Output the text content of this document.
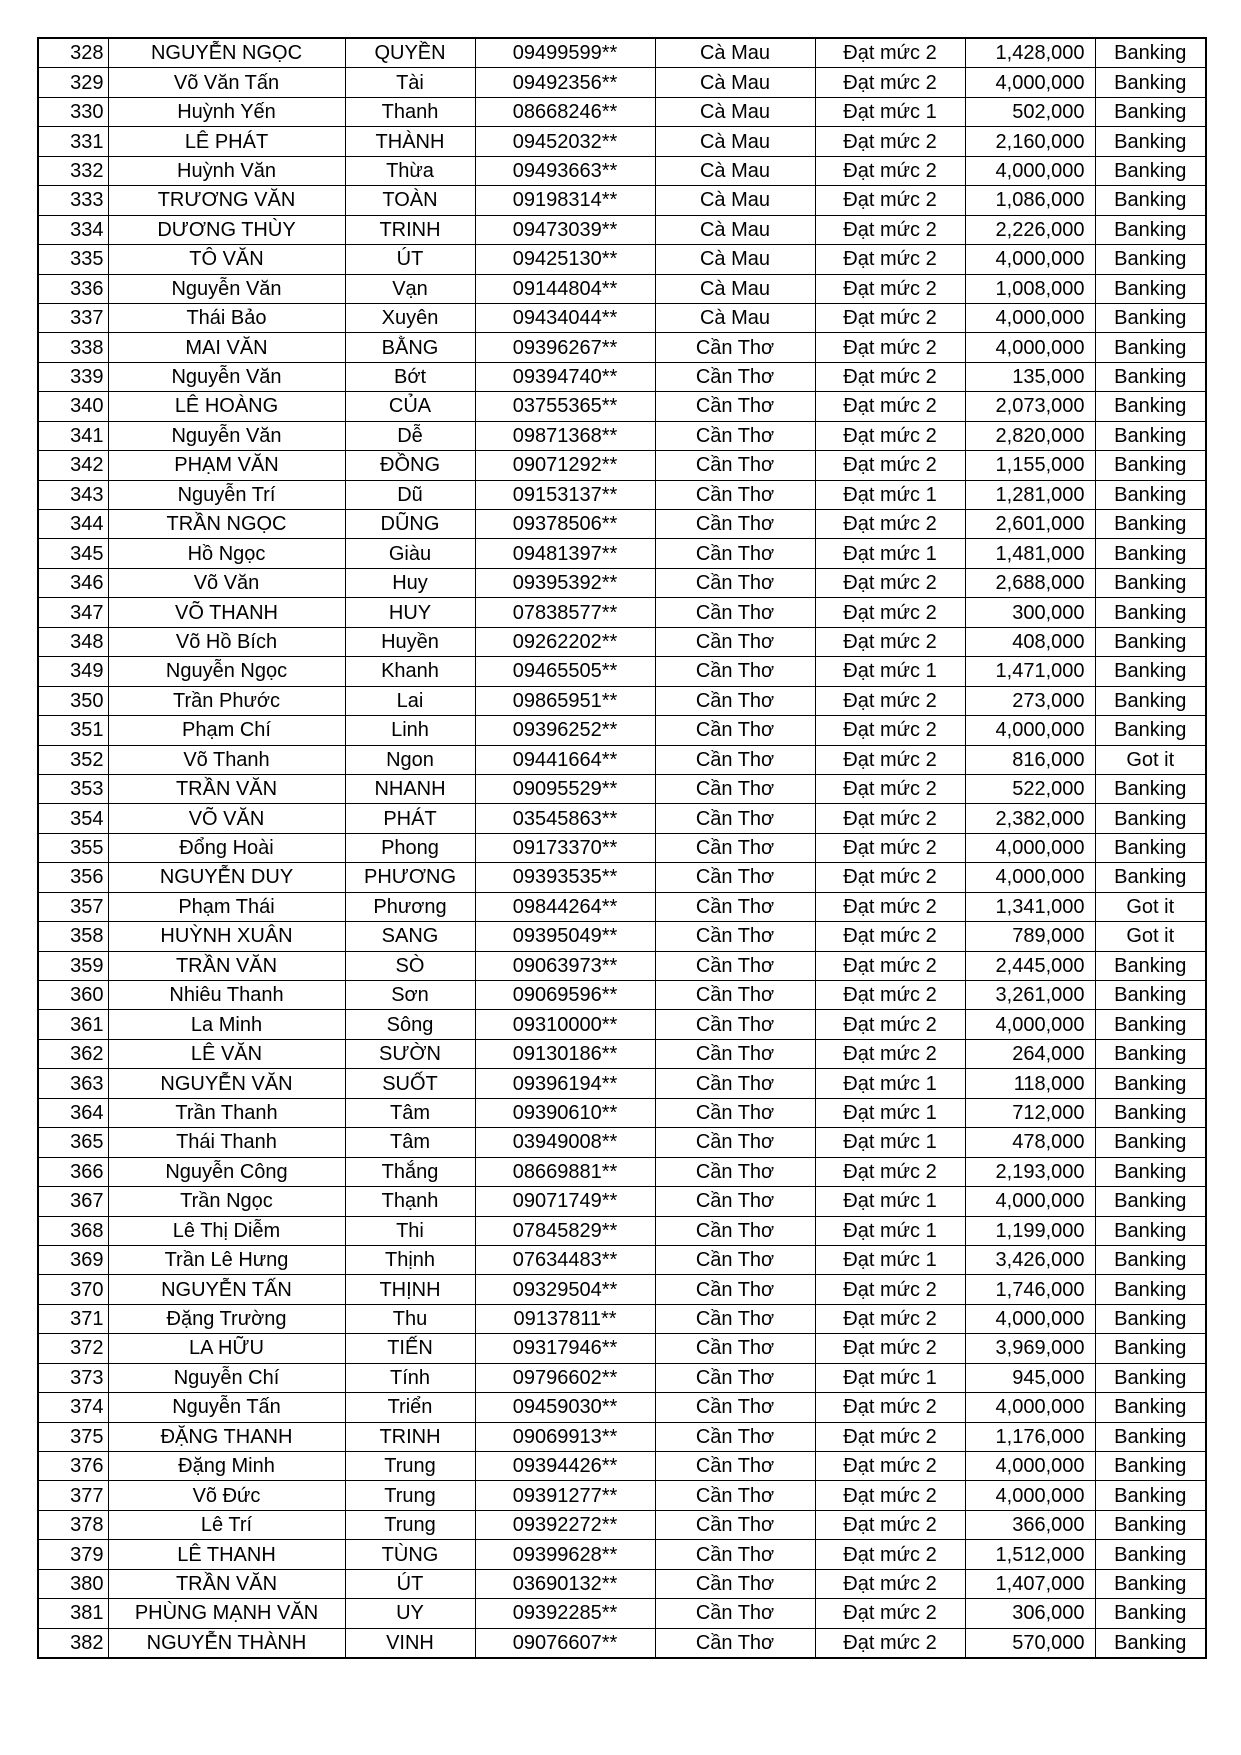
328	NGUYỄN NGỌC	QUYỀN	09499599**	Cà Mau	Đạt mức 2	1,428,000	Banking
329	Võ Văn Tấn	Tài	09492356**	Cà Mau	Đạt mức 2	4,000,000	Banking
330	Huỳnh Yến	Thanh	08668246**	Cà Mau	Đạt mức 1	502,000	Banking
331	LÊ PHÁT	THÀNH	09452032**	Cà Mau	Đạt mức 2	2,160,000	Banking
332	Huỳnh Văn	Thừa	09493663**	Cà Mau	Đạt mức 2	4,000,000	Banking
333	TRƯƠNG VĂN	TOÀN	09198314**	Cà Mau	Đạt mức 2	1,086,000	Banking
334	DƯƠNG THÙY	TRINH	09473039**	Cà Mau	Đạt mức 2	2,226,000	Banking
335	TÔ VĂN	ÚT	09425130**	Cà Mau	Đạt mức 2	4,000,000	Banking
336	Nguyễn Văn	Vạn	09144804**	Cà Mau	Đạt mức 2	1,008,000	Banking
337	Thái Bảo	Xuyên	09434044**	Cà Mau	Đạt mức 2	4,000,000	Banking
338	MAI VĂN	BẰNG	09396267**	Cần Thơ	Đạt mức 2	4,000,000	Banking
339	Nguyễn Văn	Bớt	09394740**	Cần Thơ	Đạt mức 2	135,000	Banking
340	LÊ HOÀNG	CỦA	03755365**	Cần Thơ	Đạt mức 2	2,073,000	Banking
341	Nguyễn Văn	Dễ	09871368**	Cần Thơ	Đạt mức 2	2,820,000	Banking
342	PHẠM VĂN	ĐỒNG	09071292**	Cần Thơ	Đạt mức 2	1,155,000	Banking
343	Nguyễn Trí	Dũ	09153137**	Cần Thơ	Đạt mức 1	1,281,000	Banking
344	TRẦN NGỌC	DŨNG	09378506**	Cần Thơ	Đạt mức 2	2,601,000	Banking
345	Hồ Ngọc	Giàu	09481397**	Cần Thơ	Đạt mức 1	1,481,000	Banking
346	Võ Văn	Huy	09395392**	Cần Thơ	Đạt mức 2	2,688,000	Banking
347	VÕ THANH	HUY	07838577**	Cần Thơ	Đạt mức 2	300,000	Banking
348	Võ Hồ Bích	Huyền	09262202**	Cần Thơ	Đạt mức 2	408,000	Banking
349	Nguyễn Ngọc	Khanh	09465505**	Cần Thơ	Đạt mức 1	1,471,000	Banking
350	Trần Phước	Lai	09865951**	Cần Thơ	Đạt mức 2	273,000	Banking
351	Phạm Chí	Linh	09396252**	Cần Thơ	Đạt mức 2	4,000,000	Banking
352	Võ Thanh	Ngon	09441664**	Cần Thơ	Đạt mức 2	816,000	Got it
353	TRẦN VĂN	NHANH	09095529**	Cần Thơ	Đạt mức 2	522,000	Banking
354	VÕ VĂN	PHÁT	03545863**	Cần Thơ	Đạt mức 2	2,382,000	Banking
355	Đổng Hoài	Phong	09173370**	Cần Thơ	Đạt mức 2	4,000,000	Banking
356	NGUYỄN DUY	PHƯƠNG	09393535**	Cần Thơ	Đạt mức 2	4,000,000	Banking
357	Phạm Thái	Phương	09844264**	Cần Thơ	Đạt mức 2	1,341,000	Got it
358	HUỲNH XUÂN	SANG	09395049**	Cần Thơ	Đạt mức 2	789,000	Got it
359	TRẦN VĂN	SÒ	09063973**	Cần Thơ	Đạt mức 2	2,445,000	Banking
360	Nhiêu Thanh	Sơn	09069596**	Cần Thơ	Đạt mức 2	3,261,000	Banking
361	La Minh	Sông	09310000**	Cần Thơ	Đạt mức 2	4,000,000	Banking
362	LÊ VĂN	SƯỜN	09130186**	Cần Thơ	Đạt mức 2	264,000	Banking
363	NGUYỄN VĂN	SUỐT	09396194**	Cần Thơ	Đạt mức 1	118,000	Banking
364	Trần Thanh	Tâm	09390610**	Cần Thơ	Đạt mức 1	712,000	Banking
365	Thái Thanh	Tâm	03949008**	Cần Thơ	Đạt mức 1	478,000	Banking
366	Nguyễn Công	Thắng	08669881**	Cần Thơ	Đạt mức 2	2,193,000	Banking
367	Trần Ngọc	Thạnh	09071749**	Cần Thơ	Đạt mức 1	4,000,000	Banking
368	Lê Thị Diễm	Thi	07845829**	Cần Thơ	Đạt mức 1	1,199,000	Banking
369	Trần Lê Hưng	Thịnh	07634483**	Cần Thơ	Đạt mức 1	3,426,000	Banking
370	NGUYỄN TẤN	THỊNH	09329504**	Cần Thơ	Đạt mức 2	1,746,000	Banking
371	Đặng Trường	Thu	09137811**	Cần Thơ	Đạt mức 2	4,000,000	Banking
372	LA HỮU	TIẾN	09317946**	Cần Thơ	Đạt mức 2	3,969,000	Banking
373	Nguyễn Chí	Tính	09796602**	Cần Thơ	Đạt mức 1	945,000	Banking
374	Nguyễn Tấn	Triển	09459030**	Cần Thơ	Đạt mức 2	4,000,000	Banking
375	ĐẶNG THANH	TRINH	09069913**	Cần Thơ	Đạt mức 2	1,176,000	Banking
376	Đặng Minh	Trung	09394426**	Cần Thơ	Đạt mức 2	4,000,000	Banking
377	Võ Đức	Trung	09391277**	Cần Thơ	Đạt mức 2	4,000,000	Banking
378	Lê Trí	Trung	09392272**	Cần Thơ	Đạt mức 2	366,000	Banking
379	LÊ THANH	TÙNG	09399628**	Cần Thơ	Đạt mức 2	1,512,000	Banking
380	TRẦN VĂN	ÚT	03690132**	Cần Thơ	Đạt mức 2	1,407,000	Banking
381	PHÙNG MẠNH VĂN	UY	09392285**	Cần Thơ	Đạt mức 2	306,000	Banking
382	NGUYỄN THÀNH	VINH	09076607**	Cần Thơ	Đạt mức 2	570,000	Banking
